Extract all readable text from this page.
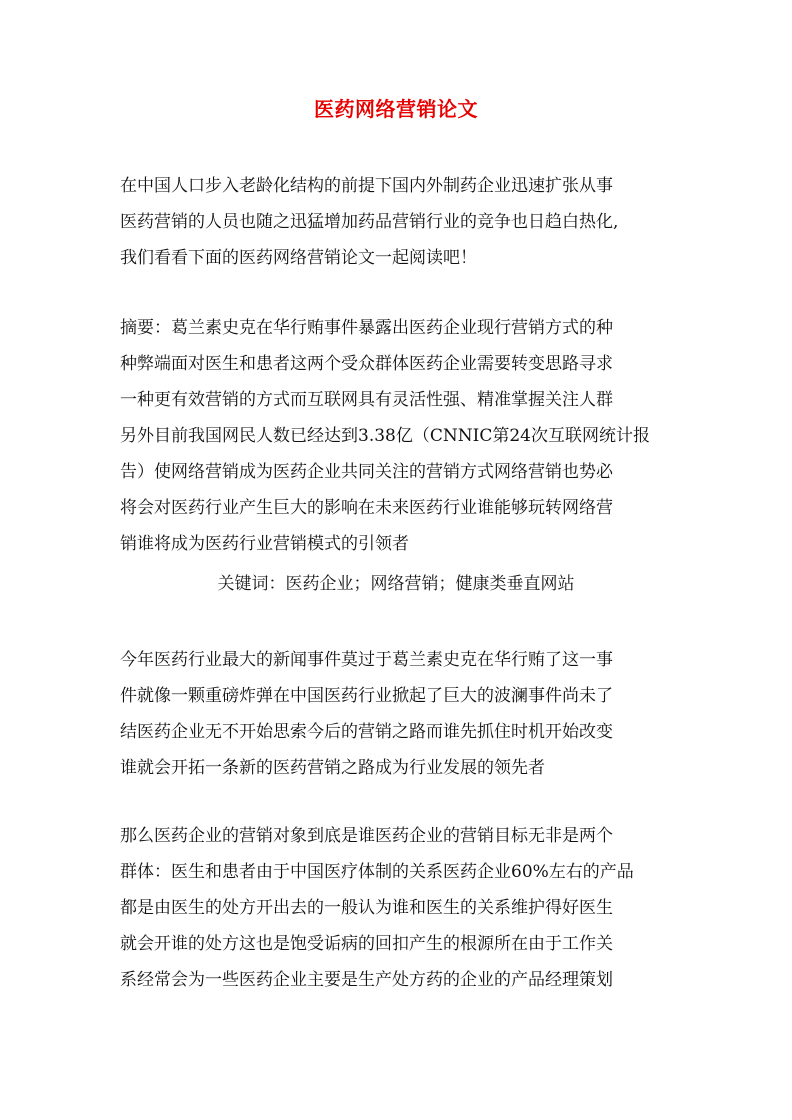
医药网络营销论文

在中国人口步入老龄化结构的前提下国内外制药企业迅速扩张从事
医药营销的人员也随之迅猛增加药品营销行业的竞争也日趋白热化,
我们看看下面的医药网络营销论文一起阅读吧！

摘要：葛兰素史克在华行贿事件暴露出医药企业现行营销方式的种
种弊端面对医生和患者这两个受众群体医药企业需要转变思路寻求
一种更有效营销的方式而互联网具有灵活性强、精准掌握关注人群
另外目前我国网民人数已经达到3.38亿（CNNIC第24次互联网统计报
告）使网络营销成为医药企业共同关注的营销方式网络营销也势必
将会对医药行业产生巨大的影响在未来医药行业谁能够玩转网络营
销谁将成为医药行业营销模式的引领者

关键词：医药企业；网络营销；健康类垂直网站

今年医药行业最大的新闻事件莫过于葛兰素史克在华行贿了这一事
件就像一颗重磅炸弹在中国医药行业掀起了巨大的波澜事件尚未了
结医药企业无不开始思索今后的营销之路而谁先抓住时机开始改变
谁就会开拓一条新的医药营销之路成为行业发展的领先者

那么医药企业的营销对象到底是谁医药企业的营销目标无非是两个
群体：医生和患者由于中国医疗体制的关系医药企业60%左右的产品
都是由医生的处方开出去的一般认为谁和医生的关系维护得好医生
就会开谁的处方这也是饱受诟病的回扣产生的根源所在由于工作关
系经常会为一些医药企业主要是生产处方药的企业的产品经理策划
